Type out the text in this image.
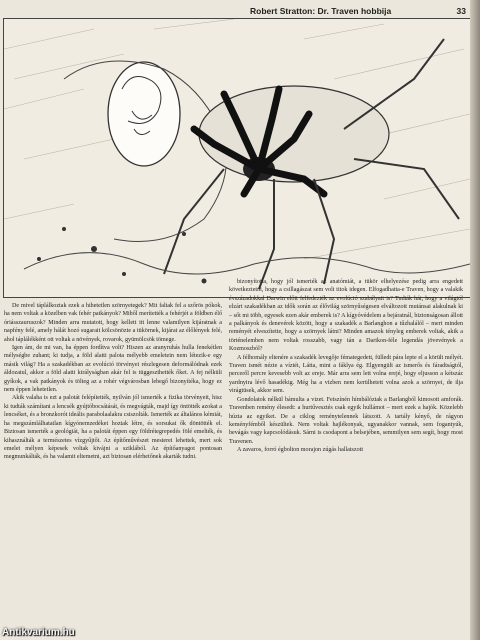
Robert Stratton: Dr. Traven hobbija	33

De mivel táplálkoztak ezek a hihetetlen szörnyetegek? Mit faltak fel a szőrös pókok, ha nem voltak a közelben vak fehér patkányok? Miből merítették a fehérjét a földben élő óriásszauruszok? Minden arra mutatott, hogy kellett itt lenne valamilyen kijáratnak a napfény felé, amely hálát hozó sugarait kölcsönözte a tükörnek, kijárat az élőlények felé, ahol táplálékként ott voltak a növények, rovarok, gyümölcsök tömege.

Igen ám, de mi van, ha éppen fordítva volt? Hiszen az aranyruhás hulla fenekétlen mélységbe zuhant; ki tudja, a föld alatti palota mélyebb emeletein nem létezik-e egy másik világ? Ha a szakadékban az evolúció törvényei részlegesen deformálódnak ezek áldozatul, akkor a föld alatti királyságban akár fel is tüggeszthették őket. A fej nélküli gyíkok, a vak patkányok és tölteg az a rohér végvárosban lebegő bizonyítéka, hogy ez nem éppen lehetetlen.

Akik valaha is ezt a palotát felépítették, nyilván jól ismerték a fizika törvényeit, hisz ki tudták számítani a lencsék gyújtóbocsátását, és megvágták, majd így öntötték azokat a lencséket, és a bronzkorót ideális parabolaalakra csiszolták. Ismerték az általános kémiát, ha megszámlálhatatlan kígyónemzedéket hoztak létre, és sorsukat ők döntötték el. Biztosan ismerték a geológiát, ha a palotát éppen egy földrétegrepedés fölé emelték, és kihasználták a természetes vízgyűjtőt. Az építőművészet mesterei lehettek, mert sok emelet mélyen képesek voltak kivájni a sziklából. Az építőanyagot pontosan megmunkálták, és ha valamit eltemetni, azt biztosan elérhetőnek akarták tudni.

bizonyította, hogy jól ismerték az anatómiát, a tükör elhelyezése pedig arra engedett következtetni, hogy a csillagászat sem volt titok idegen. Elfogadhatta-e Traven, hogy a valakik évszázadokkal Darwin előtt felfedezték az evolúció szabályait is? Tudták hát, hogy a világtól elzárt szakadékban az idők során az élővilág szörnyűségesen elváltozott mutánsai alakulnak ki – sőt mi több, egyesek ezen akár emberek is? A kígyóvédelem a bejáratnál, biztonságosan állott a palkányok és denevérek között, hogy a szakadék a Barlanghon a tűzhalálól – mert minden reményét elveszítette, hogy a szörnyek látni? Minden amazok tényleg emberek voltak, akik a történelemben nem voltak rosszabb, vagy tán a Darikon-féle legendás jövevények a Kozmoszból?

A félhomály eltenére a szakadék levegője fémategedett, fülledt pára lepte el a körült mélyét. Traven ismét nézte a víztét, Látta, mint a fáklya ég. Elgyengült az ismerős és fáradtságtól, perceről percre kevesebb volt az ereje. Már arra sem lett volna erejé, hogy eljusson a kétszáz yardnyira lévő hasadékig. Még ha a vizben nem kerülhetett volna azok a szörnyei, de ilja virágtüsek, akkor sem.

Gondolatok nélkül bámulta a vizet. Feiszínén hímbálóztak a Barlangból kimosott amforák. Travenben remény élesedt: a hurtűvesztés csak egyik hullámot – mert ezek a hajók. Közelebb húzta az egyiket. De a ciklog reménytelennek látszott. A tartály kényő, de rágyon keményfémből készültek. Nem voltak hajlékonyak, ugyanakkor vannak, sem fogantyúk, bevágás vagy kapcsolódásuk. Sárni is csodapont a belsejében, semmilyen sem segít, hogy most Travenen.

A zavaros, forró égbolton morajon zúgás hallatszott

Antikvarium.hu
